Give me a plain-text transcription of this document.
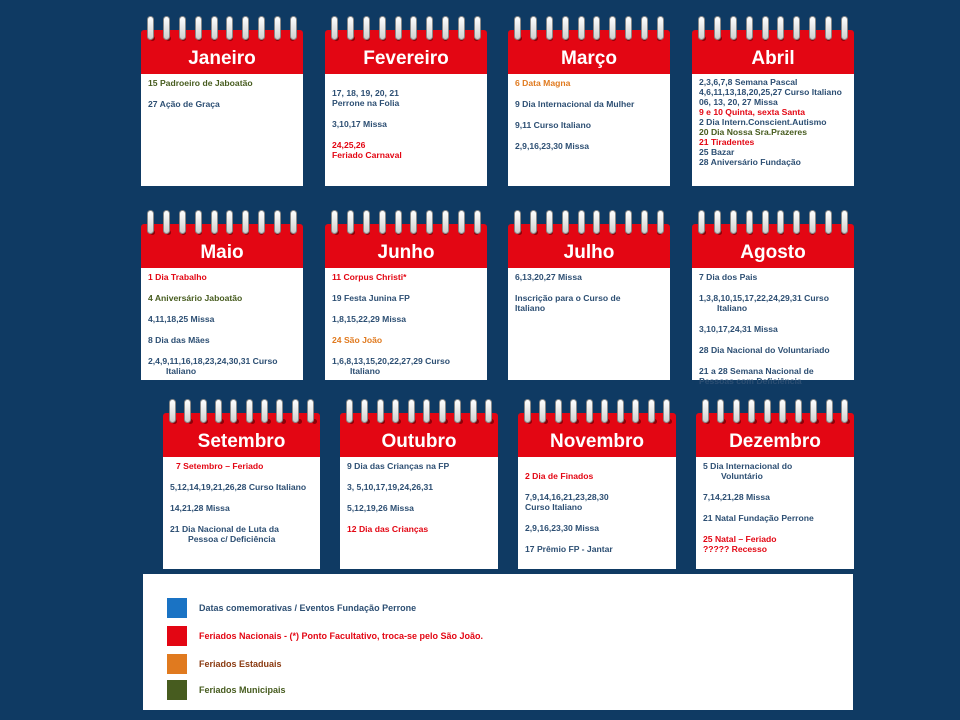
Janeiro
15 Padroeiro de Jaboatão
27 Ação de Graça
Fevereiro
17, 18, 19, 20, 21
Perrone na Folia
3,10,17 Missa
24,25,26
Feriado Carnaval
Março
6 Data Magna
9 Dia Internacional da Mulher
9,11 Curso Italiano
2,9,16,23,30 Missa
Abril
2,3,6,7,8 Semana Pascal
4,6,11,13,18,20,25,27 Curso Italiano
06, 13, 20, 27 Missa
9 e 10 Quinta, sexta Santa
2 Dia Intern.Conscient.Autismo
20 Dia Nossa Sra.Prazeres
21 Tiradentes
25 Bazar
28 Aniversário Fundação
Maio
1 Dia Trabalho
4 Aniversário Jaboatão
4,11,18,25 Missa
8 Dia das Mães
2,4,9,11,16,18,23,24,30,31 Curso
Italiano
Junho
11 Corpus Christi*
19 Festa Junina FP
1,8,15,22,29 Missa
24 São João
1,6,8,13,15,20,22,27,29 Curso
Italiano
Julho
6,13,20,27 Missa
Inscrição para o Curso de
Italiano
Agosto
7 Dia dos Pais
1,3,8,10,15,17,22,24,29,31 Curso
Italiano
3,10,17,24,31 Missa
28 Dia Nacional do Voluntariado
21 a 28 Semana Nacional de
Pessoas com Deficiência
Setembro
7 Setembro – Feriado
5,12,14,19,21,26,28 Curso Italiano
14,21,28 Missa
21 Dia Nacional de Luta da
Pessoa c/ Deficiência
Outubro
9 Dia das Crianças na FP
3, 5,10,17,19,24,26,31
5,12,19,26 Missa
12 Dia das Crianças
Novembro
2 Dia de Finados
7,9,14,16,21,23,28,30
Curso Italiano
2,9,16,23,30 Missa
17 Prêmio FP - Jantar
Dezembro
5 Dia Internacional do
Voluntário
7,14,21,28 Missa
21 Natal Fundação Perrone
25 Natal – Feriado
????? Recesso
Datas comemorativas / Eventos Fundação Perrone
Feriados Nacionais - (*) Ponto Facultativo, troca-se pelo São João.
Feriados Estaduais
Feriados Municipais
